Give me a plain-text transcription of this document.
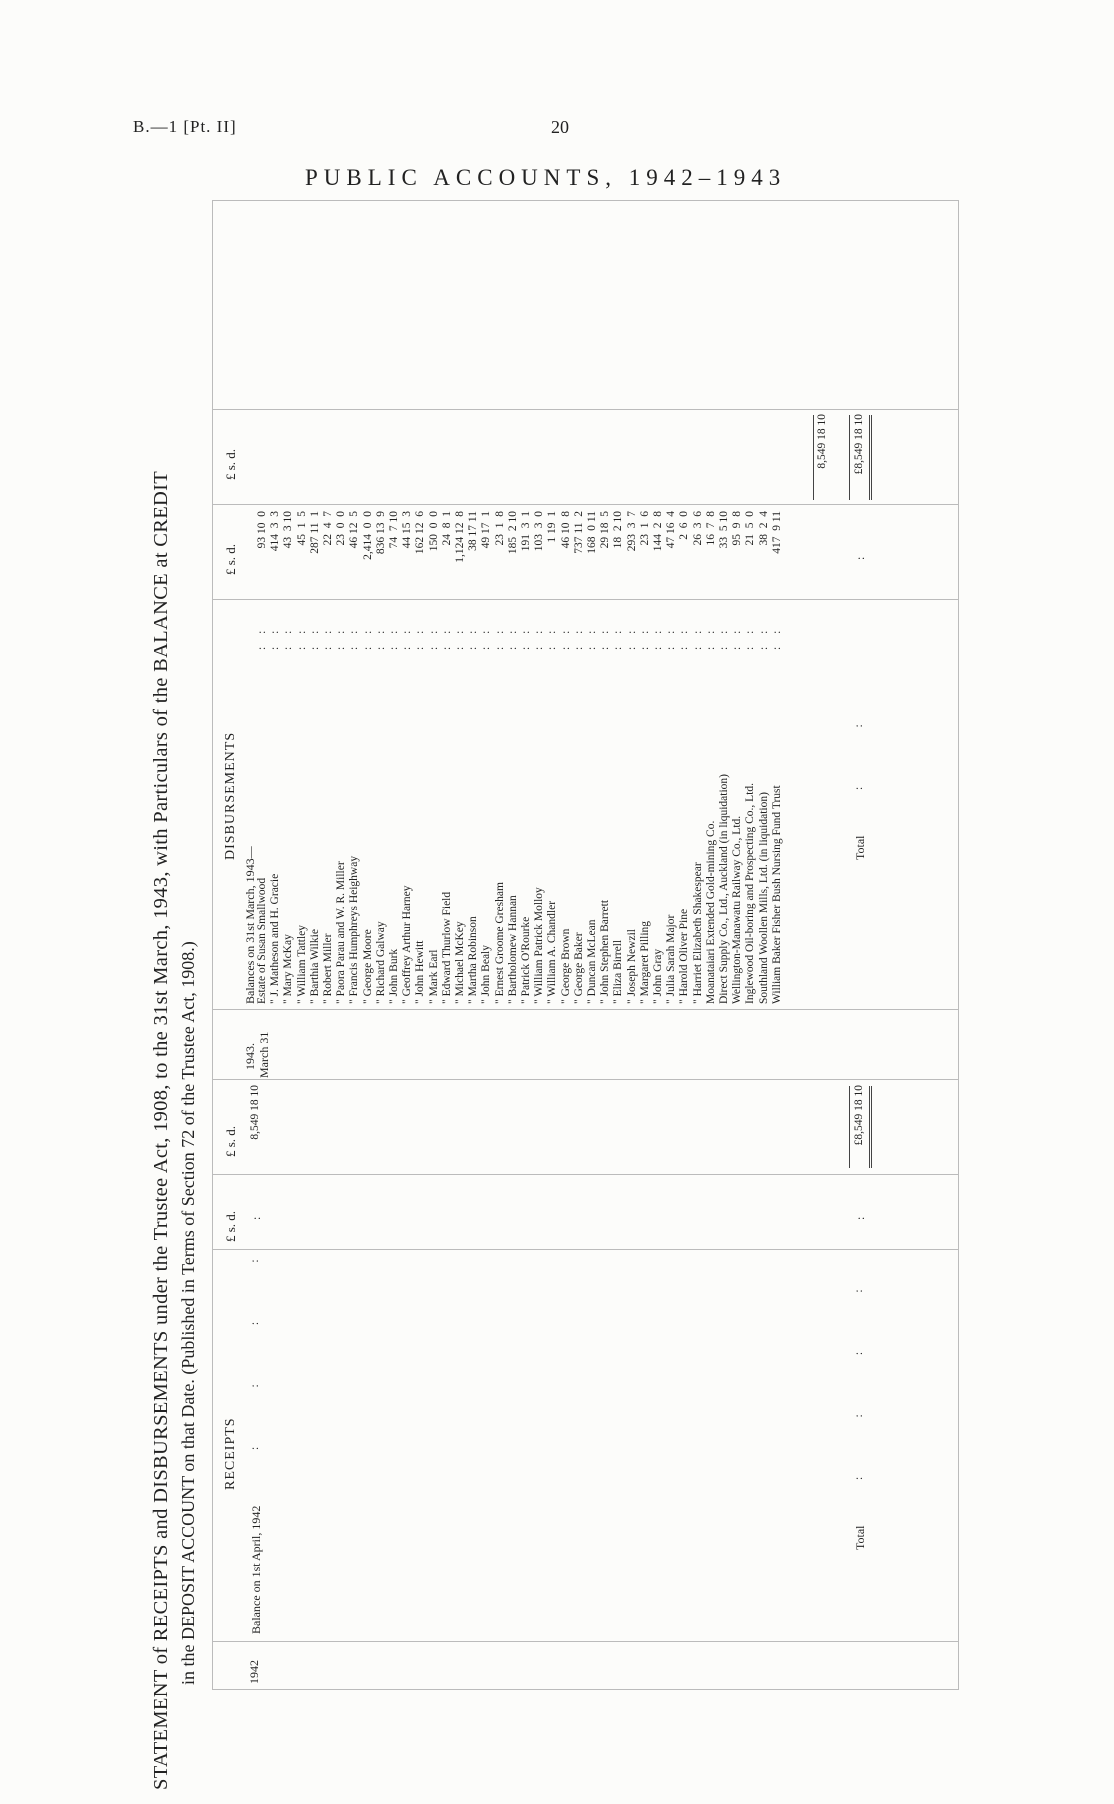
B.—1 [Pt. II]	20
PUBLIC ACCOUNTS, 1942–1943
STATEMENT of RECEIPTS and DISBURSEMENTS under the Trustee Act, 1908, to the 31st March, 1943, with Particulars of the BALANCE at CREDIT in the DEPOSIT ACCOUNT on that Date. (Published in Terms of Section 72 of the Trustee Act, 1908.)	1942
RECEIPTS
£ s. d.
£ s. d.
Balance on 1st April, 1942
:      :      :      :
:
8,549 18 10
Total
:      :      :      :
:
£8,549 18 10
1943. March 31
DISBURSEMENTS
£ s. d.
£ s. d.
Balances on 31st March, 1943— Estate of Susan Smallwood
: :
93 10  0
" J. Matheson and H. Gracie
: :
414  3  3
" Mary McKay
: :
43  3 10
" William Tattley
: :
45  1  5
" Barthia Wilkie
: :
287 11  1
" Robert Miller
: :
22  4  7
" Paora Parau and W. R. Miller
: :
23  0  0
" Francis Humphreys Heighway
: :
46 12  5
" George Moore
: :
2,414  0  0
" Richard Galway
: :
836 13  9
" John Burk
: :
74  7 10
" Geoffrey Arthur Harney
: :
44 15  3
" John Hewitt
: :
162 12  6
" Mark Earl
: :
150  0  0
" Edward Thurlow Field
: :
24  8  1
" Michael McKey
: :
1,124 12  8
" Martha Robinson
: :
38 17 11
" John Bealy
: :
49 17  1
" Ernest Groome Gresham
: :
23  1  8
" Bartholomew Hannan
: :
185  2 10
" Patrick O'Rourke
: :
191  3  1
" William Patrick Molloy
: :
103  3  0
" William A. Chandler
: :
1 19  1
" George Brown
: :
46 10  8
" George Baker
: :
737 11  2
" Duncan McLean
: :
168  0 11
" John Stephen Barrett
: :
29 18  5
" Eliza Birrell
: :
18  2 10
" Joseph Newzil
: :
293  3  7
" Margaret Pilling
: :
23  1  6
" John Gray
: :
144  2  8
" Julia Sarah Major
: :
47 16  4
" Harold Oliver Pine
: :
2  6  0
" Harriet Elizabeth Shakespear
: :
26  3  6
Moanataiari Extended Gold-mining Co.
: :
16  7  8
Direct Supply Co., Ltd., Auckland (in liquidation)
: :
33  5 10
Wellington-Manawatu Railway Co., Ltd.
: :
95  9  8
Inglewood Oil-boring and Prospecting Co., Ltd.
: :
21  5  0
Southland Woollen Mills, Ltd. (in liquidation)
: :
38  2  4
William Baker Fisher Bush Nursing Fund Trust
: :
417  9 11
8,549 18 10
Total
:      :
:
£8,549 18 10
